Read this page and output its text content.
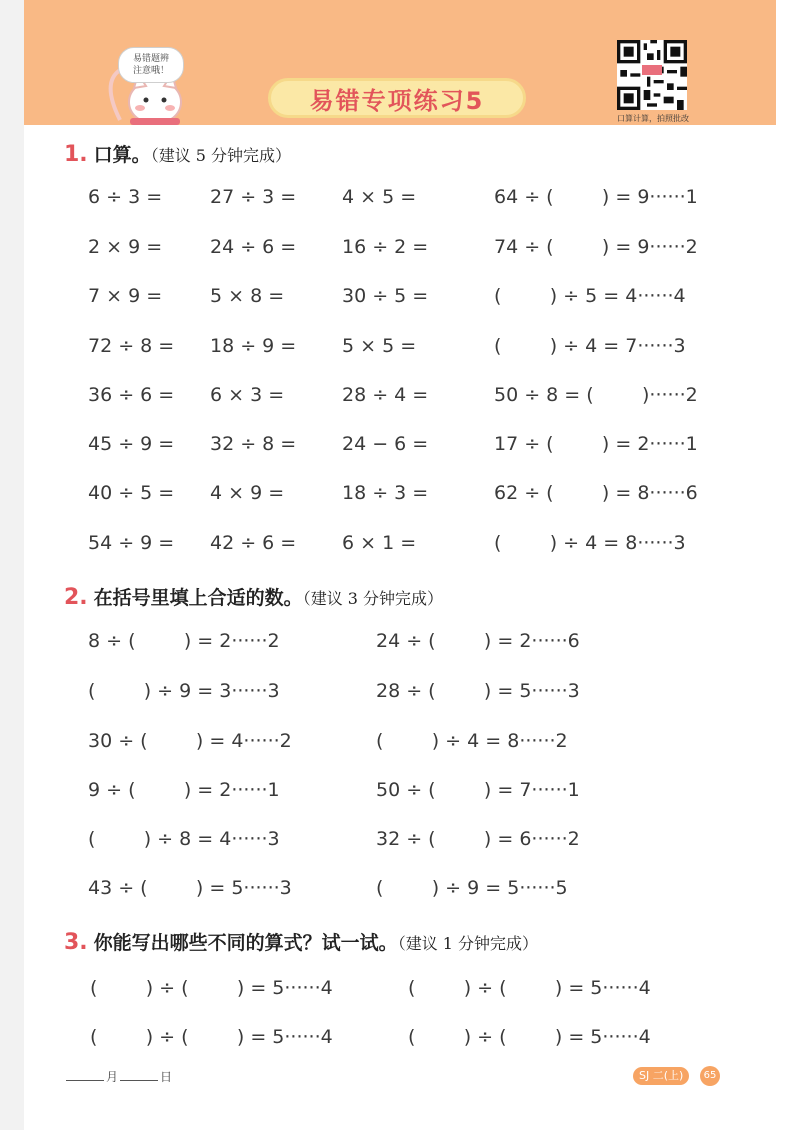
易错题辨
注意哦！
易错专项练习5
口算计算，拍照批改
1. 口算。（建议 5 分钟完成）
6 ÷ 3 =	27 ÷ 3 = 4 × 5 =	64 ÷ (        ) = 9······1
2 × 9 =	24 ÷ 6 = 16 ÷ 2 =	74 ÷ (        ) = 9······2
7 × 9 =	5 × 8 =	30 ÷ 5 =	(        ) ÷ 5 = 4······4
72 ÷ 8 = 18 ÷ 9 = 5 × 5 =	(        ) ÷ 4 = 7······3
36 ÷ 6 = 6 × 3 =	28 ÷ 4 =	50 ÷ 8 = (        )······2
45 ÷ 9 = 32 ÷ 8 = 24 − 6 =	17 ÷ (        ) = 2······1
40 ÷ 5 = 4 × 9 =	18 ÷ 3 =	62 ÷ (        ) = 8······6
54 ÷ 9 = 42 ÷ 6 = 6 × 1 =	(        ) ÷ 4 = 8······3
2. 在括号里填上合适的数。（建议 3 分钟完成）
8 ÷ (        ) = 2······2	24 ÷ (        ) = 2······6
(        ) ÷ 9 = 3······3	28 ÷ (        ) = 5······3
30 ÷ (        ) = 4······2	(        ) ÷ 4 = 8······2
9 ÷ (        ) = 2······1	50 ÷ (        ) = 7······1
(        ) ÷ 8 = 4······3	32 ÷ (        ) = 6······2
43 ÷ (        ) = 5······3	(        ) ÷ 9 = 5······5
3. 你能写出哪些不同的算式？试一试。（建议 1 分钟完成）
(        ) ÷ (        ) = 5······4	(        ) ÷ (        ) = 5······4
(        ) ÷ (        ) = 5······4	(        ) ÷ (        ) = 5······4
月	日	SJ 二(上)	65
